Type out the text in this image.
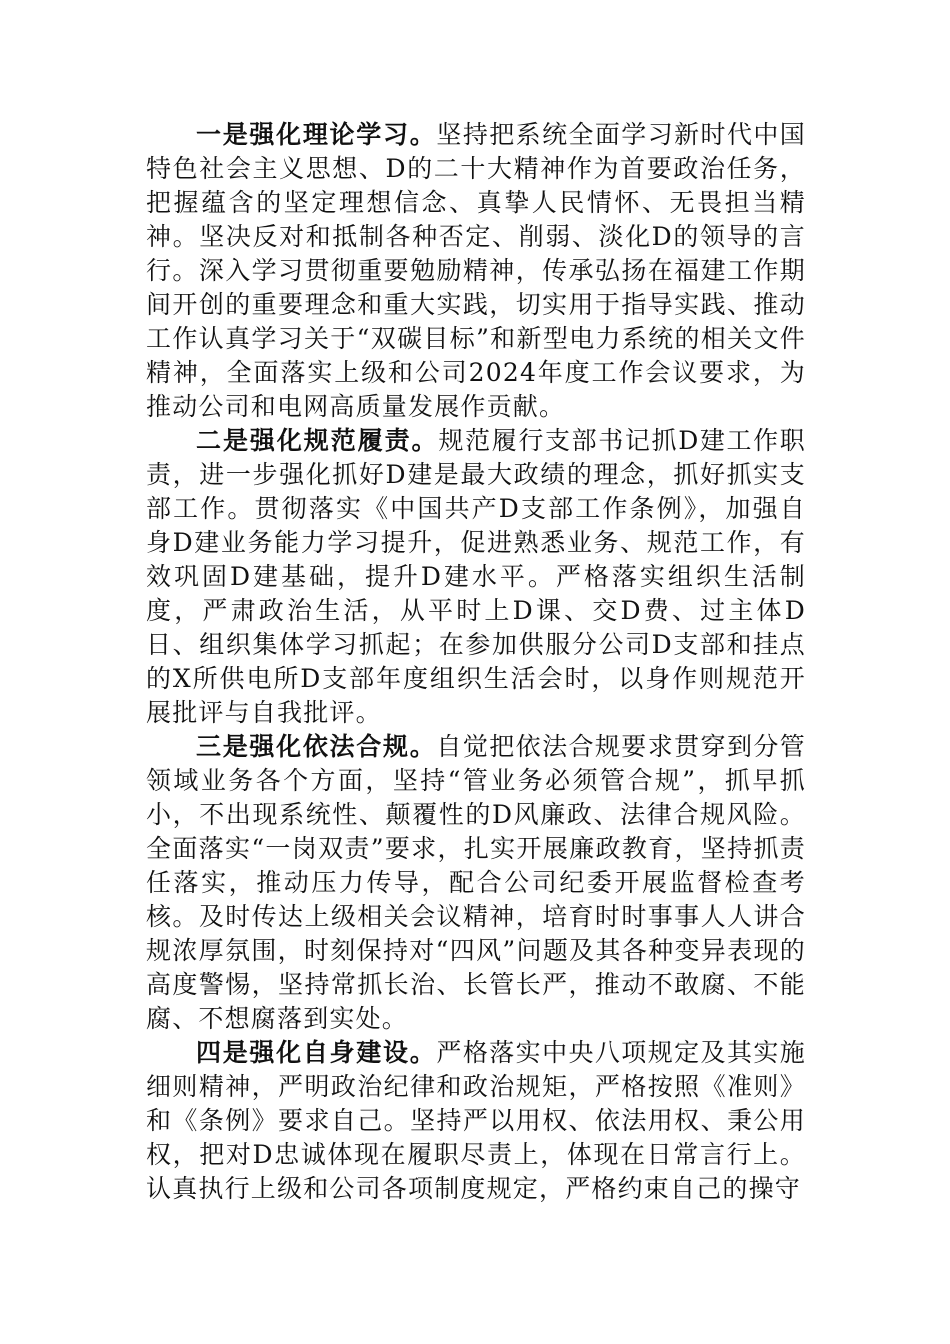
一是强化理论学习。坚持把系统全面学习新时代中国特色社会主义思想、D的二十大精神作为首要政治任务，把握蕴含的坚定理想信念、真挚人民情怀、无畏担当精神。坚决反对和抵制各种否定、削弱、淡化D的领导的言行。深入学习贯彻重要勉励精神，传承弘扬在福建工作期间开创的重要理念和重大实践，切实用于指导实践、推动工作认真学习关于“双碳目标”和新型电力系统的相关文件精神，全面落实上级和公司2024年度工作会议要求，为推动公司和电网高质量发展作贡献。

二是强化规范履责。规范履行支部书记抓D建工作职责，进一步强化抓好D建是最大政绩的理念，抓好抓实支部工作。贯彻落实《中国共产D支部工作条例》，加强自身D建业务能力学习提升，促进熟悉业务、规范工作，有效巩固D建基础，提升D建水平。严格落实组织生活制度，严肃政治生活，从平时上D课、交D费、过主体D日、组织集体学习抓起；在参加供服分公司D支部和挂点的X所供电所D支部年度组织生活会时，以身作则规范开展批评与自我批评。

三是强化依法合规。自觉把依法合规要求贯穿到分管领域业务各个方面，坚持“管业务必须管合规”，抓早抓小，不出现系统性、颠覆性的D风廉政、法律合规风险。全面落实“一岗双责”要求，扎实开展廉政教育，坚持抓责任落实，推动压力传导，配合公司纪委开展监督检查考核。及时传达上级相关会议精神，培育时时事事人人讲合规浓厚氛围，时刻保持对“四风”问题及其各种变异表现的高度警惕，坚持常抓长治、长管长严，推动不敢腐、不能腐、不想腐落到实处。

四是强化自身建设。严格落实中央八项规定及其实施细则精神，严明政治纪律和政治规矩，严格按照《准则》和《条例》要求自己。坚持严以用权、依法用权、秉公用权，把对D忠诚体现在履职尽责上，体现在日常言行上。认真执行上级和公司各项制度规定，严格约束自己的操守
